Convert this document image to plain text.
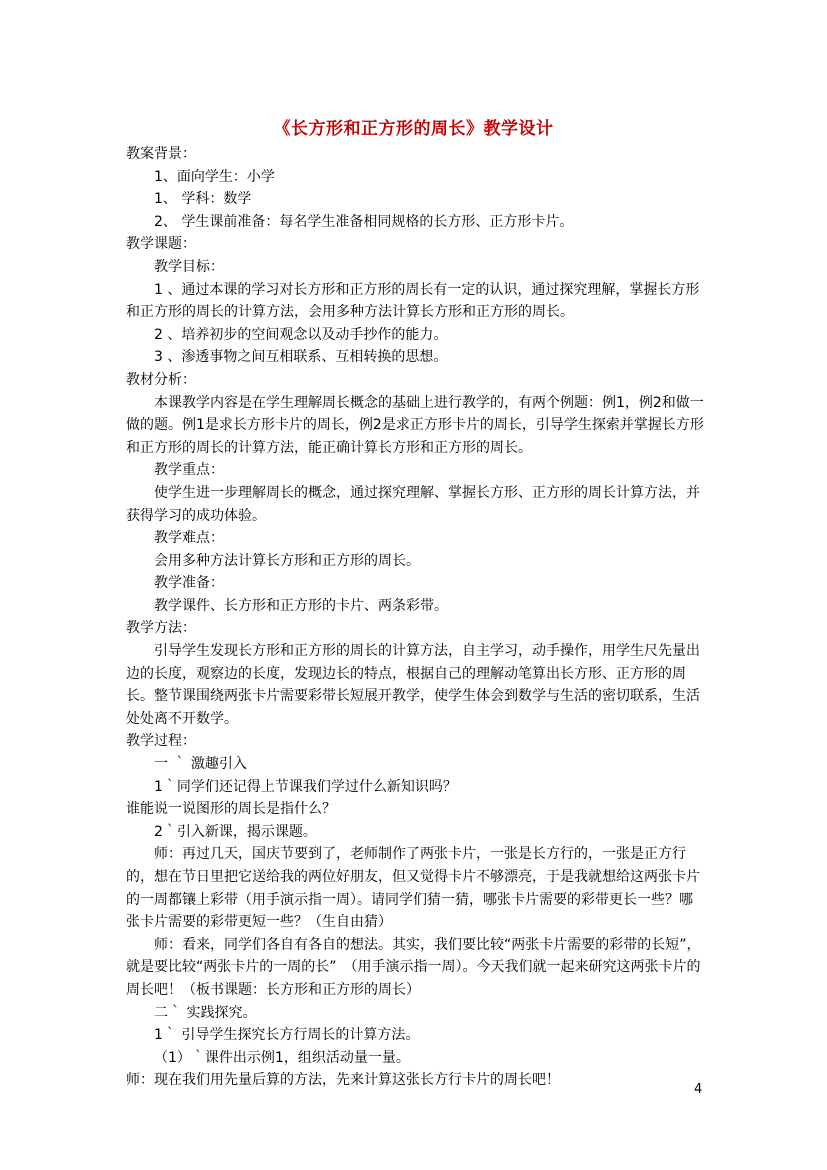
《长方形和正方形的周长》教学设计

教案背景：

1、面向学生：小学

1、 学科：数学

2、 学生课前准备：每名学生准备相同规格的长方形、正方形卡片。

教学课题：

教学目标：

1 、通过本课的学习对长方形和正方形的周长有一定的认识，通过探究理解，掌握长方形和正方形的周长的计算方法，会用多种方法计算长方形和正方形的周长。

2 、培养初步的空间观念以及动手抄作的能力。

3 、渗透事物之间互相联系、互相转换的思想。

教材分析：

本课教学内容是在学生理解周长概念的基础上进行教学的，有两个例题：例1，例2和做一做的题。例1是求长方形卡片的周长，例2是求正方形卡片的周长，引导学生探索并掌握长方形和正方形的周长的计算方法，能正确计算长方形和正方形的周长。

教学重点：

使学生进一步理解周长的概念，通过探究理解、掌握长方形、正方形的周长计算方法，并获得学习的成功体验。

教学难点：

会用多种方法计算长方形和正方形的周长。

教学准备：

教学课件、长方形和正方形的卡片、两条彩带。

教学方法：

引导学生发现长方形和正方形的周长的计算方法，自主学习，动手操作，用学生尺先量出边的长度，观察边的长度，发现边长的特点，根据自己的理解动笔算出长方形、正方形的周长。整节课围绕两张卡片需要彩带长短展开教学，使学生体会到数学与生活的密切联系，生活处处离不开数学。

教学过程：

一 ｀ 激趣引入

1｀同学们还记得上节课我们学过什么新知识吗？

谁能说一说图形的周长是指什么？

2｀引入新课，揭示课题。

师：再过几天，国庆节要到了，老师制作了两张卡片，一张是长方行的，一张是正方行的，想在节日里把它送给我的两位好朋友，但又觉得卡片不够漂亮，于是我就想给这两张卡片的一周都镶上彩带（用手演示指一周）。请同学们猜一猜，哪张卡片需要的彩带更长一些？哪张卡片需要的彩带更短一些？（生自由猜）

师：看来，同学们各自有各自的想法。其实，我们要比较“两张卡片需要的彩带的长短”，就是要比较“两张卡片的一周的长”　（用手演示指一周）。今天我们就一起来研究这两张卡片的周长吧！（板书课题：长方形和正方形的周长）

二｀ 实践探究。

1｀ 引导学生探究长方行周长的计算方法。

（1）｀课件出示例1，组织活动量一量。

师：现在我们用先量后算的方法，先来计算这张长方行卡片的周长吧！

4
